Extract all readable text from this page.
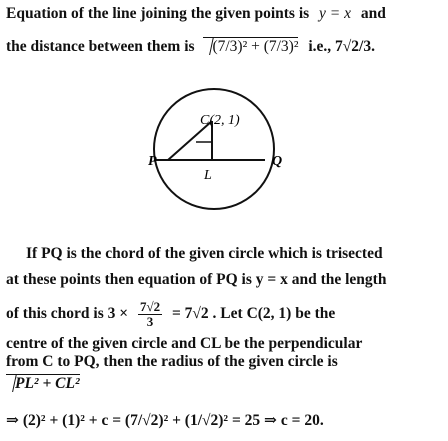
Equation of the line joining the given points is y = x and
the distance between them is (7/3)² + (7/3)² i.e., 7√2/3.
C(2, 1)
P	Q
L
If PQ is the chord of the given circle which is trisected
at these points then equation of PQ is y = x and the length
of this chord is $3 \times \frac{7√2}{3} = 7√2$ . Let C(2, 1) be the
centre of the given circle and CL be the perpendicular
from C to PQ, then the radius of the given circle is
PL² + CL²
⇒ (2)² + (1)² + c = (7/√2)² + (1/√2)² = 25 ⇒ c = 20.
